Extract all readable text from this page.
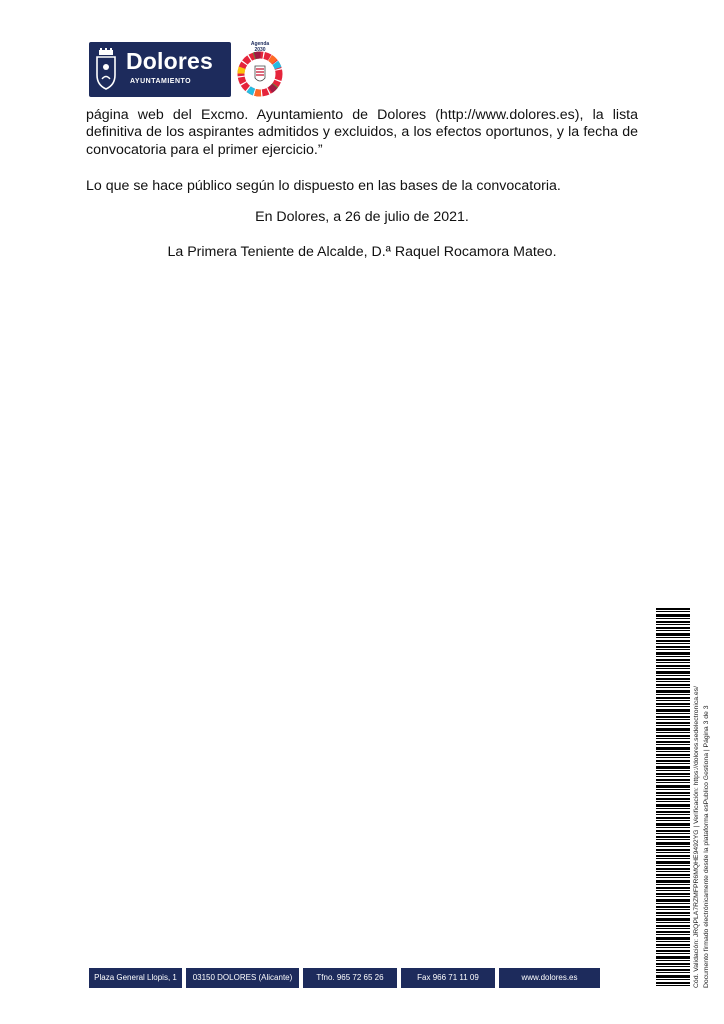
Dolores
AYUNTAMIENTO
Agenda 2030
página web del Excmo. Ayuntamiento de Dolores (http://www.dolores.es), la lista definitiva de los aspirantes admitidos y excluidos, a los efectos oportunos, y la fecha de convocatoria para el primer ejercicio.”
Lo que se hace público según lo dispuesto en las bases de la convocatoria.
En Dolores, a 26 de julio de 2021.
La Primera Teniente de Alcalde, D.ª Raquel Rocamora Mateo.
Plaza General Llopis, 1	03150 DOLORES (Alicante)	Tfno. 965 72 65 26	Fax 966 71 11 09	www.dolores.es	Cód. Validación: JRQPLA7RZMFPR6MQHE9492YG | Verificación: https://dolores.sedelectronica.es/ Documento firmado electrónicamente desde la plataforma esPublico Gestiona | Página 3 de 3
